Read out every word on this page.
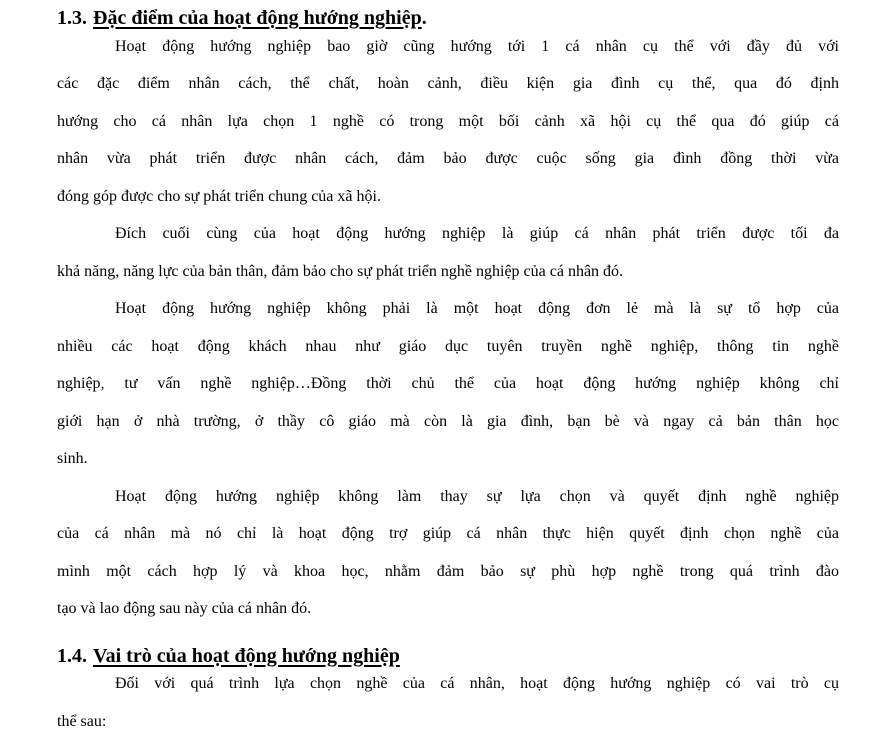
1.3. Đặc điểm của hoạt động hướng nghiệp.
Hoạt động hướng nghiệp bao giờ cũng hướng tới 1 cá nhân cụ thể với đầy đủ với
các đặc điểm nhân cách, thể chất, hoàn cảnh, điều kiện gia đình cụ thể, qua đó định
hướng cho cá nhân lựa chọn 1 nghề có trong một bối cảnh xã hội cụ thể qua đó giúp cá
nhân vừa phát triển được nhân cách, đảm bảo được cuộc sống gia đình đồng thời vừa
đóng góp được cho sự phát triển chung của xã hội.
Đích cuối cùng của hoạt động hướng nghiệp là giúp cá nhân phát triển được tối đa
khả năng, năng lực của bản thân, đảm bảo cho sự phát triển nghề nghiệp của cá nhân đó.
Hoạt động hướng nghiệp không phải là một hoạt động đơn lẻ mà là sự tổ hợp của
nhiều các hoạt động khách nhau như giáo dục tuyên truyền nghề nghiệp, thông tin nghề
nghiệp, tư vấn nghề nghiệp…Đồng thời chủ thể của hoạt động hướng nghiệp không chỉ
giới hạn ở nhà trường, ở thầy cô giáo mà còn là gia đình, bạn bè và ngay cả bản thân học
sinh.
Hoạt động hướng nghiệp không làm thay sự lựa chọn và quyết định nghề nghiệp
của cá nhân mà nó chỉ là hoạt động trợ giúp cá nhân thực hiện quyết định chọn nghề của
mình một cách hợp lý và khoa học, nhằm đảm bảo sự phù hợp nghề trong quá trình đào
tạo và lao động sau này của cá nhân đó.
1.4. Vai trò của hoạt động hướng nghiệp
Đối với quá trình lựa chọn nghề của cá nhân, hoạt động hướng nghiệp có vai trò cụ
thể sau:
